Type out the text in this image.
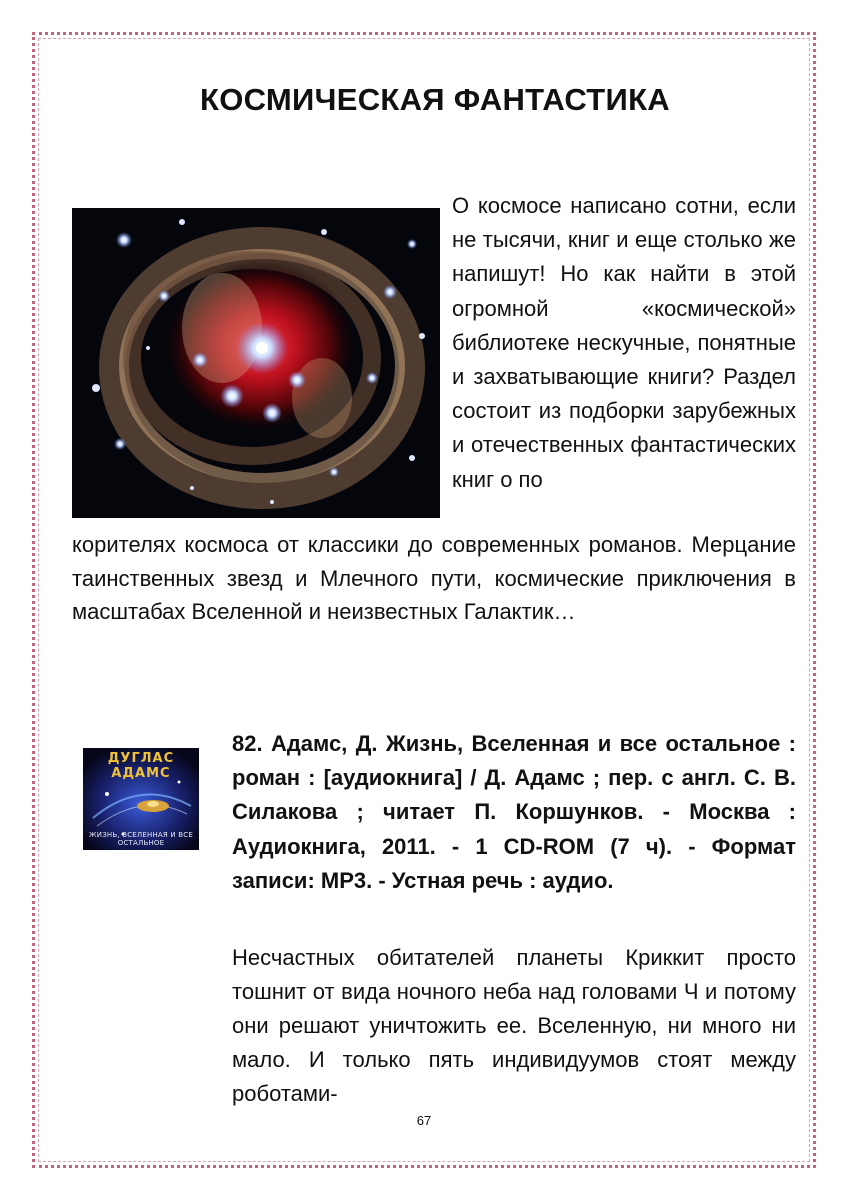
КОСМИЧЕСКАЯ ФАНТАСТИКА
О космосе написано сотни, если не тысячи, книг и еще столько же напишут! Но как найти в этой огромной «космической» библиотеке нескучные, понятные и захватывающие книги? Раздел состоит из подборки зарубежных и отечественных фантастических книг о по
корителях космоса от классики до современных романов. Мерцание таинственных звезд и Млечного пути, космические приключения в масштабах Вселенной и неизвестных Галактик…
ДУГЛАС АДАМС
ЖИЗНЬ, ВСЕЛЕННАЯ И ВСЕ ОСТАЛЬНОЕ
82. Адамс, Д. Жизнь, Вселенная и все остальное : роман : [аудиокнига] / Д. Адамс ; пер. с англ. С. В. Силакова ; читает П. Коршунков. - Москва : Аудиокнига, 2011. - 1 CD-ROM (7 ч). - Формат записи: MP3. - Устная речь : аудио.
Несчастных обитателей планеты Криккит просто тошнит от вида ночного неба над головами Ч и потому они решают уничтожить ее. Вселенную, ни много ни мало. И только пять индивидуумов стоят между роботами-
67
